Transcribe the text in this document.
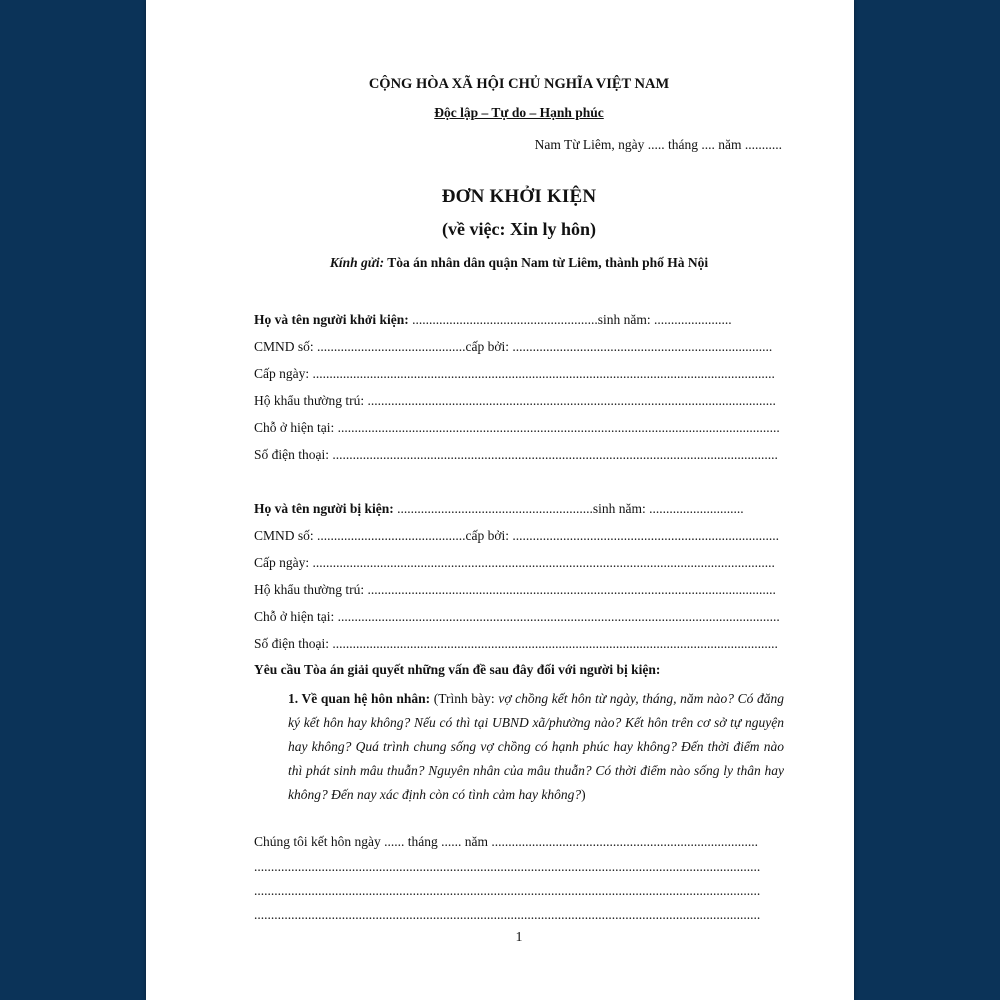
CỘNG HÒA XÃ HỘI CHỦ NGHĨA VIỆT NAM
Độc lập – Tự do – Hạnh phúc
Nam Từ Liêm, ngày ..... tháng .... năm ...........
ĐƠN KHỞI KIỆN
(về việc: Xin ly hôn)
Kính gửi: Tòa án nhân dân quận Nam từ Liêm, thành phố Hà Nội
Họ và tên người khởi kiện: .......................................................sinh năm: .......................
CMND số: ............................................cấp bởi: .............................................................................
Cấp ngày: .........................................................................................................................................
Hộ khẩu thường trú: .........................................................................................................................
Chỗ ở hiện tại: ...................................................................................................................................
Số điện thoại: ....................................................................................................................................
Họ và tên người bị kiện: ..........................................................sinh năm: ............................
CMND số: ............................................cấp bởi: ...............................................................................
Cấp ngày: .........................................................................................................................................
Hộ khẩu thường trú: .........................................................................................................................
Chỗ ở hiện tại: ...................................................................................................................................
Số điện thoại: ....................................................................................................................................
Yêu cầu Tòa án giải quyết những vấn đề sau đây đối với người bị kiện:
1. Về quan hệ hôn nhân: (Trình bày: vợ chồng kết hôn từ ngày, tháng, năm nào? Có đăng ký kết hôn hay không? Nếu có thì tại UBND xã/phường nào? Kết hôn trên cơ sở tự nguyện hay không? Quá trình chung sống vợ chồng có hạnh phúc hay không? Đến thời điểm nào thì phát sinh mâu thuẫn? Nguyên nhân của mâu thuẫn? Có thời điểm nào sống ly thân hay không? Đến nay xác định còn có tình cảm hay không?)
Chúng tôi kết hôn ngày ...... tháng ...... năm ...............................................................................
......................................................................................................................................................
......................................................................................................................................................
......................................................................................................................................................
1
